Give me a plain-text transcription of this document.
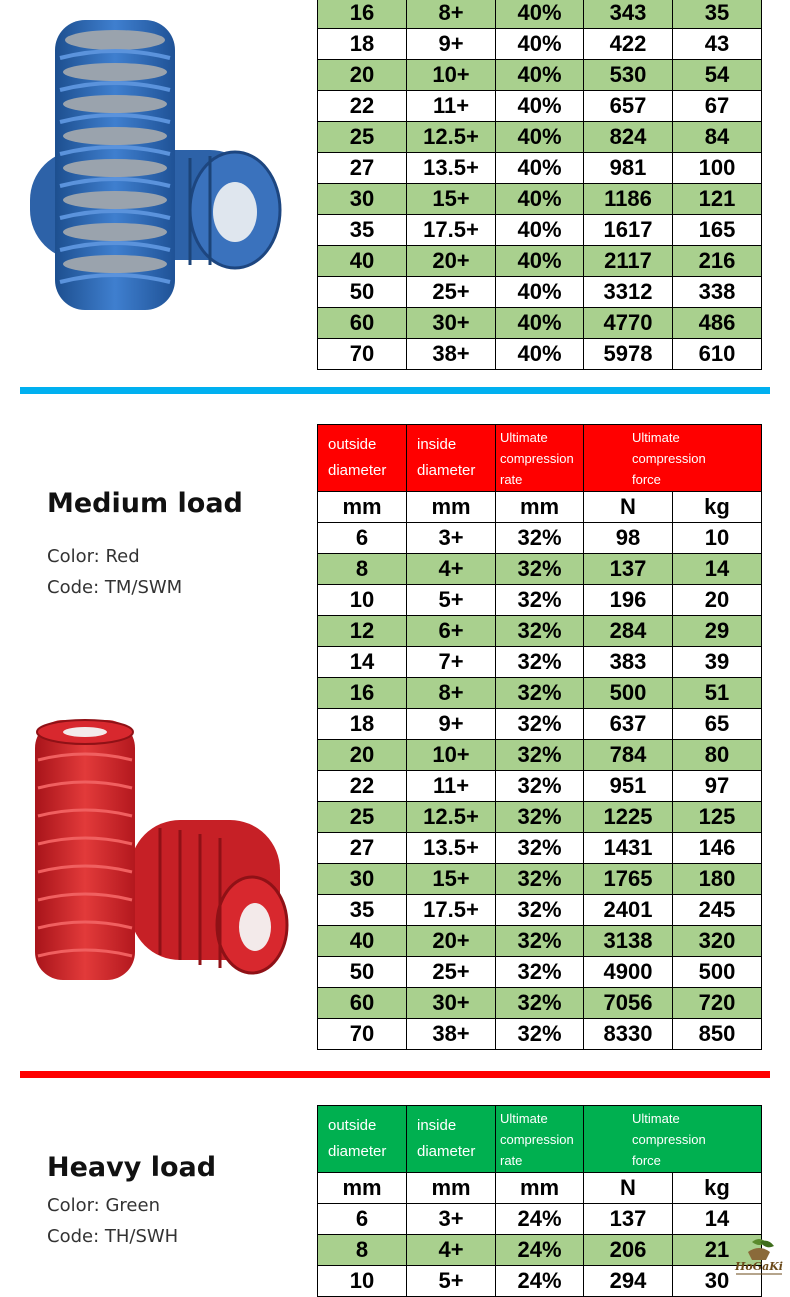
16	8+	40%	343	35
18	9+	40%	422	43
20	10+	40%	530	54
22	11+	40%	657	67
25	12.5+	40%	824	84
27	13.5+	40%	981	100
30	15+	40%	1186	121
35	17.5+	40%	1617	165
40	20+	40%	2117	216
50	25+	40%	3312	338
60	30+	40%	4770	486
70	38+	40%	5978	610
Medium load
Color: Red
Code: TM/SWM
outside diameter	inside diameter	Ultimate compression rate	Ultimate compression force	
mm	mm	mm	N	kg
6	3+	32%	98	10
8	4+	32%	137	14
10	5+	32%	196	20
12	6+	32%	284	29
14	7+	32%	383	39
16	8+	32%	500	51
18	9+	32%	637	65
20	10+	32%	784	80
22	11+	32%	951	97
25	12.5+	32%	1225	125
27	13.5+	32%	1431	146
30	15+	32%	1765	180
35	17.5+	32%	2401	245
40	20+	32%	3138	320
50	25+	32%	4900	500
60	30+	32%	7056	720
70	38+	32%	8330	850
Heavy load
Color: Green
Code: TH/SWH
outside diameter	inside diameter	Ultimate compression rate	Ultimate compression force	
mm	mm	mm	N	kg
6	3+	24%	137	14
8	4+	24%	206	21
10	5+	24%	294	30
HoGaKi
